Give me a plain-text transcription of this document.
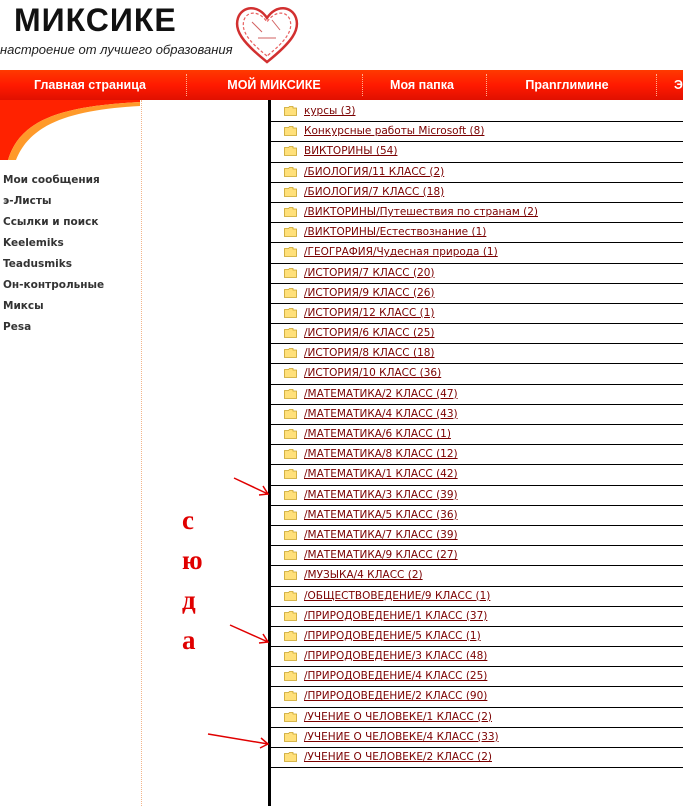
МИКСИКЕ
настроение от лучшего образования
Главная страница	МОЙ МИКСИКЕ	Моя папка	Прanглимине	Э
Мои сообщения
э-Листы
Ссылки и поиск
Keelemiks
Teadusmiks
Он-контрольные
Миксы
Pesa
курсы (3)
Конкурсные работы Microsoft (8)
ВИКТОРИНЫ (54)
/БИОЛОГИЯ/11 КЛАСС (2)
/БИОЛОГИЯ/7 КЛАСС (18)
/ВИКТОРИНЫ/Путешествия по странам (2)
/ВИКТОРИНЫ/Естествознание (1)
/ГЕОГРАФИЯ/Чудесная природа (1)
/ИСТОРИЯ/7 КЛАСС (20)
/ИСТОРИЯ/9 КЛАСС (26)
/ИСТОРИЯ/12 КЛАСС (1)
/ИСТОРИЯ/6 КЛАСС (25)
/ИСТОРИЯ/8 КЛАСС (18)
/ИСТОРИЯ/10 КЛАСС (36)
/МАТЕМАТИКА/2 КЛАСС (47)
/МАТЕМАТИКА/4 КЛАСС (43)
/МАТЕМАТИКА/6 КЛАСС (1)
/МАТЕМАТИКА/8 КЛАСС (12)
/МАТЕМАТИКА/1 КЛАСС (42)
/МАТЕМАТИКА/3 КЛАСС (39)
/МАТЕМАТИКА/5 КЛАСС (36)
/МАТЕМАТИКА/7 КЛАСС (39)
/МАТЕМАТИКА/9 КЛАСС (27)
/МУЗЫКА/4 КЛАСС (2)
/ОБЩЕСТВОВЕДЕНИЕ/9 КЛАСС (1)
/ПРИРОДОВЕДЕНИЕ/1 КЛАСС (37)
/ПРИРОДОВЕДЕНИЕ/5 КЛАСС (1)
/ПРИРОДОВЕДЕНИЕ/3 КЛАСС (48)
/ПРИРОДОВЕДЕНИЕ/4 КЛАСС (25)
/ПРИРОДОВЕДЕНИЕ/2 КЛАСС (90)
/УЧЕНИЕ О ЧЕЛОВЕКЕ/1 КЛАСС (2)
/УЧЕНИЕ О ЧЕЛОВЕКЕ/4 КЛАСС (33)
/УЧЕНИЕ О ЧЕЛОВЕКЕ/2 КЛАСС (2)
с
ю
д
а
